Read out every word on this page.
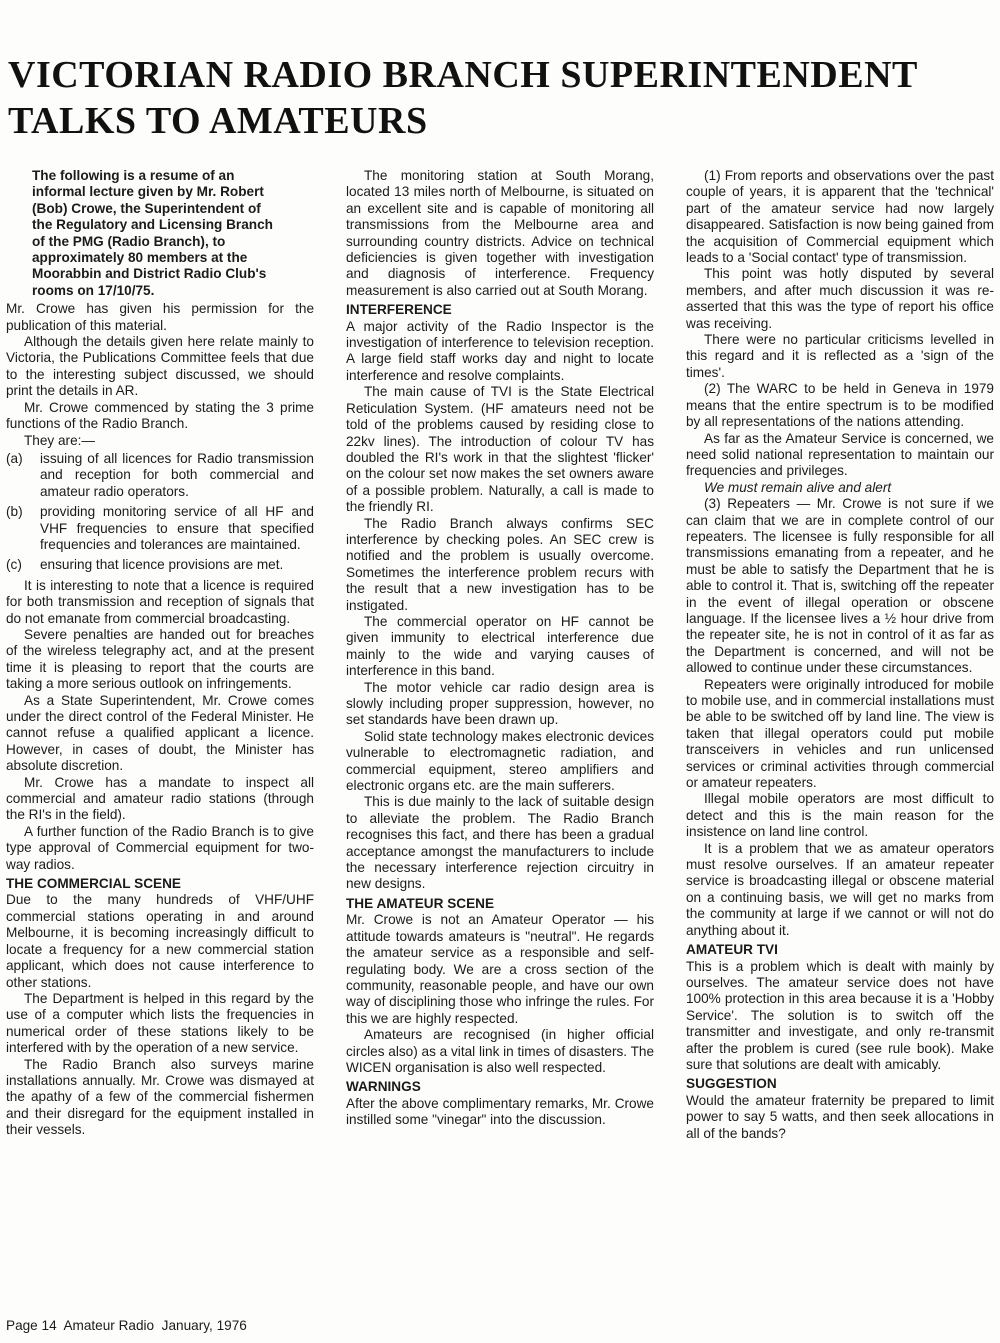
VICTORIAN RADIO BRANCH SUPERINTENDENT TALKS TO AMATEURS

The following is a resume of an informal lecture given by Mr. Robert (Bob) Crowe, the Superintendent of the Regulatory and Licensing Branch of the PMG (Radio Branch), to approximately 80 members at the Moorabbin and District Radio Club's rooms on 17/10/75.

Mr. Crowe has given his permission for the publication of this material.

Although the details given here relate mainly to Victoria, the Publications Committee feels that due to the interesting subject discussed, we should print the details in AR.

Mr. Crowe commenced by stating the 3 prime functions of the Radio Branch.

They are:—

(a)	issuing of all licences for Radio transmission and reception for both commercial and amateur radio operators.
(b)	providing monitoring service of all HF and VHF frequencies to ensure that specified frequencies and tolerances are maintained.
(c)	ensuring that licence provisions are met.

It is interesting to note that a licence is required for both transmission and reception of signals that do not emanate from commercial broadcasting.

Severe penalties are handed out for breaches of the wireless telegraphy act, and at the present time it is pleasing to report that the courts are taking a more serious outlook on infringements.

As a State Superintendent, Mr. Crowe comes under the direct control of the Federal Minister. He cannot refuse a qualified applicant a licence. However, in cases of doubt, the Minister has absolute discretion.

Mr. Crowe has a mandate to inspect all commercial and amateur radio stations (through the RI's in the field).

A further function of the Radio Branch is to give type approval of Commercial equipment for two-way radios.

THE COMMERCIAL SCENE

Due to the many hundreds of VHF/UHF commercial stations operating in and around Melbourne, it is becoming increasingly difficult to locate a frequency for a new commercial station applicant, which does not cause interference to other stations.

The Department is helped in this regard by the use of a computer which lists the frequencies in numerical order of these stations likely to be interfered with by the operation of a new service.

The Radio Branch also surveys marine installations annually. Mr. Crowe was dismayed at the apathy of a few of the commercial fishermen and their disregard for the equipment installed in their vessels.

The monitoring station at South Morang, located 13 miles north of Melbourne, is situated on an excellent site and is capable of monitoring all transmissions from the Melbourne area and surrounding country districts. Advice on technical deficiencies is given together with investigation and diagnosis of interference. Frequency measurement is also carried out at South Morang.

INTERFERENCE

A major activity of the Radio Inspector is the investigation of interference to television reception. A large field staff works day and night to locate interference and resolve complaints.

The main cause of TVI is the State Electrical Reticulation System. (HF amateurs need not be told of the problems caused by residing close to 22kv lines). The introduction of colour TV has doubled the RI's work in that the slightest 'flicker' on the colour set now makes the set owners aware of a possible problem. Naturally, a call is made to the friendly RI.

The Radio Branch always confirms SEC interference by checking poles. An SEC crew is notified and the problem is usually overcome. Sometimes the interference problem recurs with the result that a new investigation has to be instigated.

The commercial operator on HF cannot be given immunity to electrical interference due mainly to the wide and varying causes of interference in this band.

The motor vehicle car radio design area is slowly including proper suppression, however, no set standards have been drawn up.

Solid state technology makes electronic devices vulnerable to electromagnetic radiation, and commercial equipment, stereo amplifiers and electronic organs etc. are the main sufferers.

This is due mainly to the lack of suitable design to alleviate the problem. The Radio Branch recognises this fact, and there has been a gradual acceptance amongst the manufacturers to include the necessary interference rejection circuitry in new designs.

THE AMATEUR SCENE

Mr. Crowe is not an Amateur Operator — his attitude towards amateurs is "neutral". He regards the amateur service as a responsible and self-regulating body. We are a cross section of the community, reasonable people, and have our own way of disciplining those who infringe the rules. For this we are highly respected.

Amateurs are recognised (in higher official circles also) as a vital link in times of disasters. The WICEN organisation is also well respected.

WARNINGS

After the above complimentary remarks, Mr. Crowe instilled some "vinegar" into the discussion.

(1) From reports and observations over the past couple of years, it is apparent that the 'technical' part of the amateur service had now largely disappeared. Satisfaction is now being gained from the acquisition of Commercial equipment which leads to a 'Social contact' type of transmission.

This point was hotly disputed by several members, and after much discussion it was re-asserted that this was the type of report his office was receiving.

There were no particular criticisms levelled in this regard and it is reflected as a 'sign of the times'.

(2) The WARC to be held in Geneva in 1979 means that the entire spectrum is to be modified by all representations of the nations attending.

As far as the Amateur Service is concerned, we need solid national representation to maintain our frequencies and privileges.

We must remain alive and alert

(3) Repeaters — Mr. Crowe is not sure if we can claim that we are in complete control of our repeaters. The licensee is fully responsible for all transmissions emanating from a repeater, and he must be able to satisfy the Department that he is able to control it. That is, switching off the repeater in the event of illegal operation or obscene language. If the licensee lives a ½ hour drive from the repeater site, he is not in control of it as far as the Department is concerned, and will not be allowed to continue under these circumstances.

Repeaters were originally introduced for mobile to mobile use, and in commercial installations must be able to be switched off by land line. The view is taken that illegal operators could put mobile transceivers in vehicles and run unlicensed services or criminal activities through commercial or amateur repeaters.

Illegal mobile operators are most difficult to detect and this is the main reason for the insistence on land line control.

It is a problem that we as amateur operators must resolve ourselves. If an amateur repeater service is broadcasting illegal or obscene material on a continuing basis, we will get no marks from the community at large if we cannot or will not do anything about it.

AMATEUR TVI

This is a problem which is dealt with mainly by ourselves. The amateur service does not have 100% protection in this area because it is a 'Hobby Service'. The solution is to switch off the transmitter and investigate, and only re-transmit after the problem is cured (see rule book). Make sure that solutions are dealt with amicably.

SUGGESTION

Would the amateur fraternity be prepared to limit power to say 5 watts, and then seek allocations in all of the bands?

Page 14  Amateur Radio  January, 1976
